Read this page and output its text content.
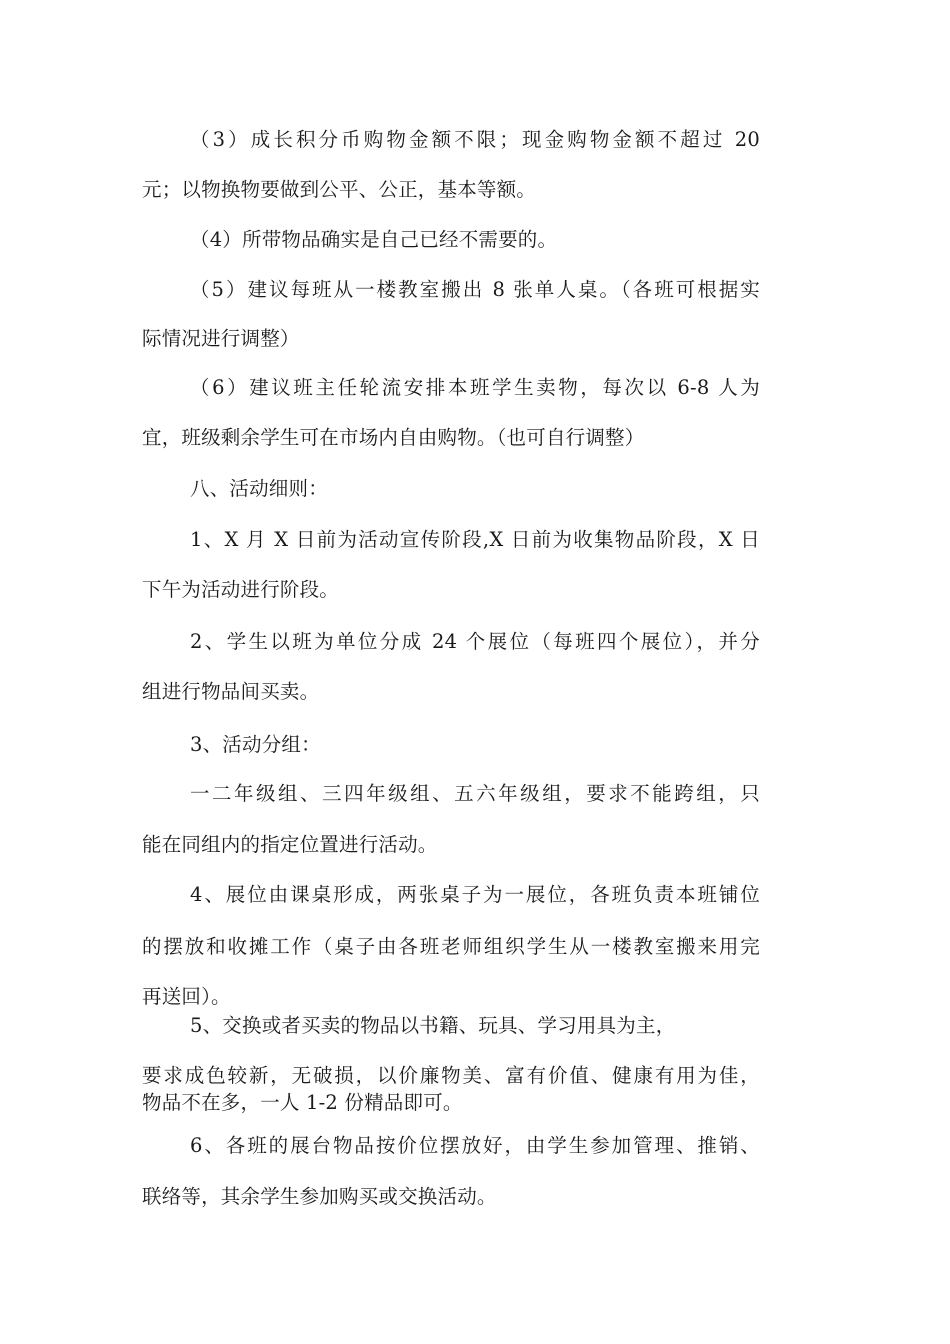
（3）成长积分币购物金额不限；现金购物金额不超过 20
元；以物换物要做到公平、公正，基本等额。
（4）所带物品确实是自己已经不需要的。
（5）建议每班从一楼教室搬出 8 张单人桌。（各班可根据实
际情况进行调整）
（6）建议班主任轮流安排本班学生卖物，每次以 6-8 人为
宜，班级剩余学生可在市场内自由购物。（也可自行调整）
八、活动细则：
1、X 月 X 日前为活动宣传阶段,X 日前为收集物品阶段，X 日
下午为活动进行阶段。
2、学生以班为单位分成 24 个展位（每班四个展位），并分
组进行物品间买卖。
3、活动分组：
一二年级组、三四年级组、五六年级组，要求不能跨组，只
能在同组内的指定位置进行活动。
4、展位由课桌形成，两张桌子为一展位，各班负责本班铺位
的摆放和收摊工作（桌子由各班老师组织学生从一楼教室搬来用完
再送回）。
5、交换或者买卖的物品以书籍、玩具、学习用具为主，
要求成色较新，无破损，以价廉物美、富有价值、健康有用为佳，
物品不在多，一人 1-2 份精品即可。
6、各班的展台物品按价位摆放好，由学生参加管理、推销、
联络等，其余学生参加购买或交换活动。
